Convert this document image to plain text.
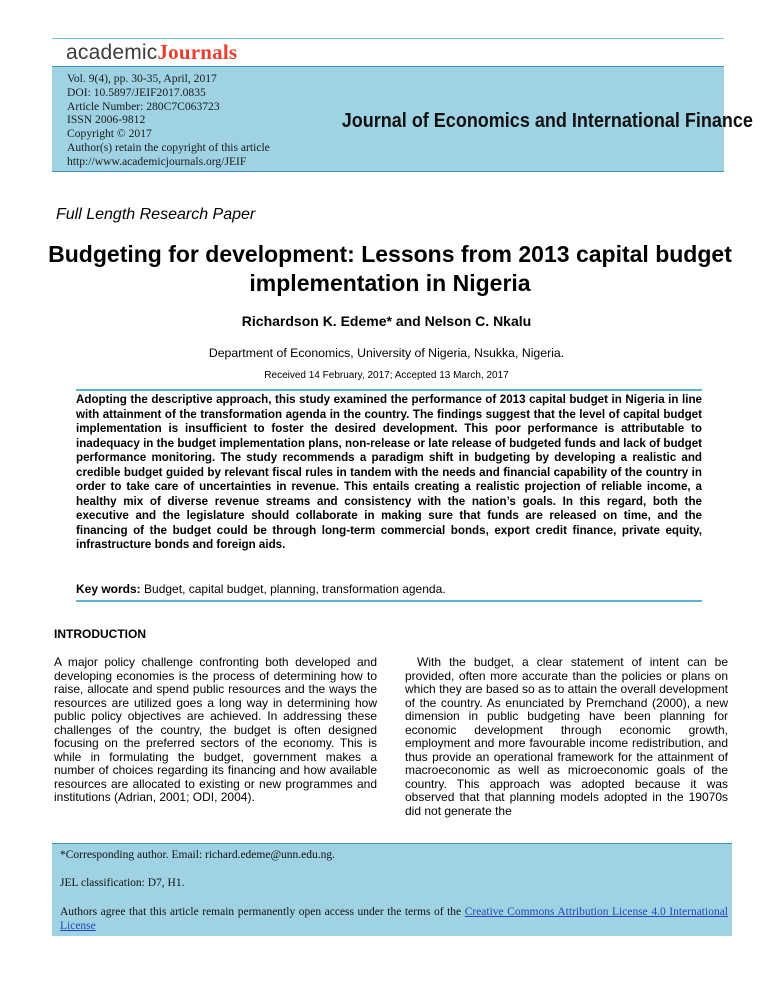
academicJournals
Vol. 9(4), pp. 30-35, April, 2017
DOI: 10.5897/JEIF2017.0835
Article Number: 280C7C063723
ISSN 2006-9812
Copyright © 2017
Author(s) retain the copyright of this article
http://www.academicjournals.org/JEIF
Journal of Economics and International Finance
Full Length Research Paper
Budgeting for development: Lessons from 2013 capital budget implementation in Nigeria
Richardson K. Edeme* and Nelson C. Nkalu
Department of Economics, University of Nigeria, Nsukka, Nigeria.
Received 14 February, 2017; Accepted 13 March, 2017
Adopting the descriptive approach, this study examined the performance of 2013 capital budget in Nigeria in line with attainment of the transformation agenda in the country. The findings suggest that the level of capital budget implementation is insufficient to foster the desired development. This poor performance is attributable to inadequacy in the budget implementation plans, non-release or late release of budgeted funds and lack of budget performance monitoring. The study recommends a paradigm shift in budgeting by developing a realistic and credible budget guided by relevant fiscal rules in tandem with the needs and financial capability of the country in order to take care of uncertainties in revenue. This entails creating a realistic projection of reliable income, a healthy mix of diverse revenue streams and consistency with the nation’s goals. In this regard, both the executive and the legislature should collaborate in making sure that funds are released on time, and the financing of the budget could be through long-term commercial bonds, export credit finance, private equity, infrastructure bonds and foreign aids.
Key words: Budget, capital budget, planning, transformation agenda.
INTRODUCTION
A major policy challenge confronting both developed and developing economies is the process of determining how to raise, allocate and spend public resources and the ways the resources are utilized goes a long way in determining how public policy objectives are achieved. In addressing these challenges of the country, the budget is often designed focusing on the preferred sectors of the economy. This is while in formulating the budget, government makes a number of choices regarding its financing and how available resources are allocated to existing or new programmes and institutions (Adrian, 2001; ODI, 2004).
With the budget, a clear statement of intent can be provided, often more accurate than the policies or plans on which they are based so as to attain the overall development of the country. As enunciated by Premchand (2000), a new dimension in public budgeting have been planning for economic development through economic growth, employment and more favourable income redistribution, and thus provide an operational framework for the attainment of macroeconomic as well as microeconomic goals of the country. This approach was adopted because it was observed that that planning models adopted in the 19070s did not generate the
*Corresponding author. Email: richard.edeme@unn.edu.ng.
JEL classification: D7, H1.
Authors agree that this article remain permanently open access under the terms of the Creative Commons Attribution License 4.0 International License
